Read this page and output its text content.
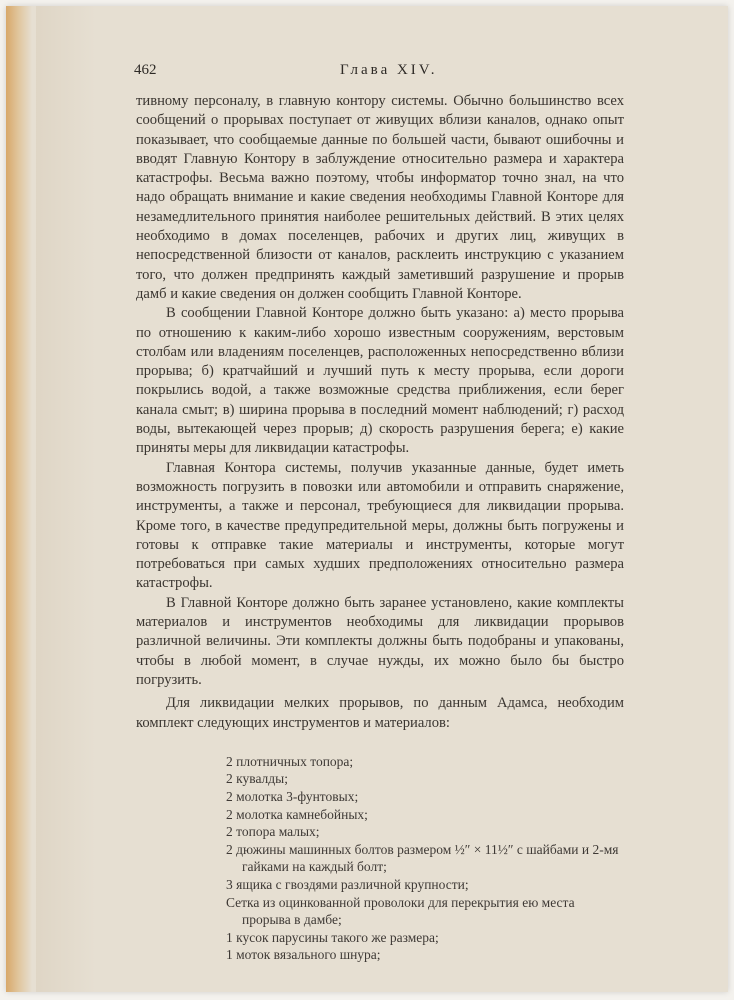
462	Глава XIV.

тивному персоналу, в главную контору системы. Обычно большинство всех сообщений о прорывах поступает от живущих вблизи каналов, однако опыт показывает, что сообщаемые данные по большей части, бывают ошибочны и вводят Главную Контору в заблуждение относительно размера и характера катастрофы. Весьма важно поэтому, чтобы информатор точно знал, на что надо обращать внимание и какие сведения необходимы Главной Конторе для незамедлительного принятия наиболее решительных действий. В этих целях необходимо в домах поселенцев, рабочих и других лиц, живущих в непосредственной близости от каналов, расклеить инструкцию с указанием того, что должен предпринять каждый заметивший разрушение и прорыв дамб и какие сведения он должен сообщить Главной Конторе.

В сообщении Главной Конторе должно быть указано: а) место прорыва по отношению к каким-либо хорошо известным сооружениям, верстовым столбам или владениям поселенцев, расположенных непосредственно вблизи прорыва; б) кратчайший и лучший путь к месту прорыва, если дороги покрылись водой, а также возможные средства приближения, если берег канала смыт; в) ширина прорыва в последний момент наблюдений; г) расход воды, вытекающей через прорыв; д) скорость разрушения берега; е) какие приняты меры для ликвидации катастрофы.

Главная Контора системы, получив указанные данные, будет иметь возможность погрузить в повозки или автомобили и отправить снаряжение, инструменты, а также и персонал, требующиеся для ликвидации прорыва. Кроме того, в качестве предупредительной меры, должны быть погружены и готовы к отправке такие материалы и инструменты, которые могут потребоваться при самых худших предположениях относительно размера катастрофы.

В Главной Конторе должно быть заранее установлено, какие комплекты материалов и инструментов необходимы для ликвидации прорывов различной величины. Эти комплекты должны быть подобраны и упакованы, чтобы в любой момент, в случае нужды, их можно было бы быстро погрузить.

Для ликвидации мелких прорывов, по данным Адамса, необходим комплект следующих инструментов и материалов:

2 плотничных топора;
2 кувалды;
2 молотка 3-фунтовых;
2 молотка камнебойных;
2 топора малых;
2 дюжины машинных болтов размером ½″ × 11½″ с шайбами и 2-мя гайками на каждый болт;
3 ящика с гвоздями различной крупности;
Сетка из оцинкованной проволоки для перекрытия ею места прорыва в дамбе;
1 кусок парусины такого же размера;
1 моток вязального шнура;
